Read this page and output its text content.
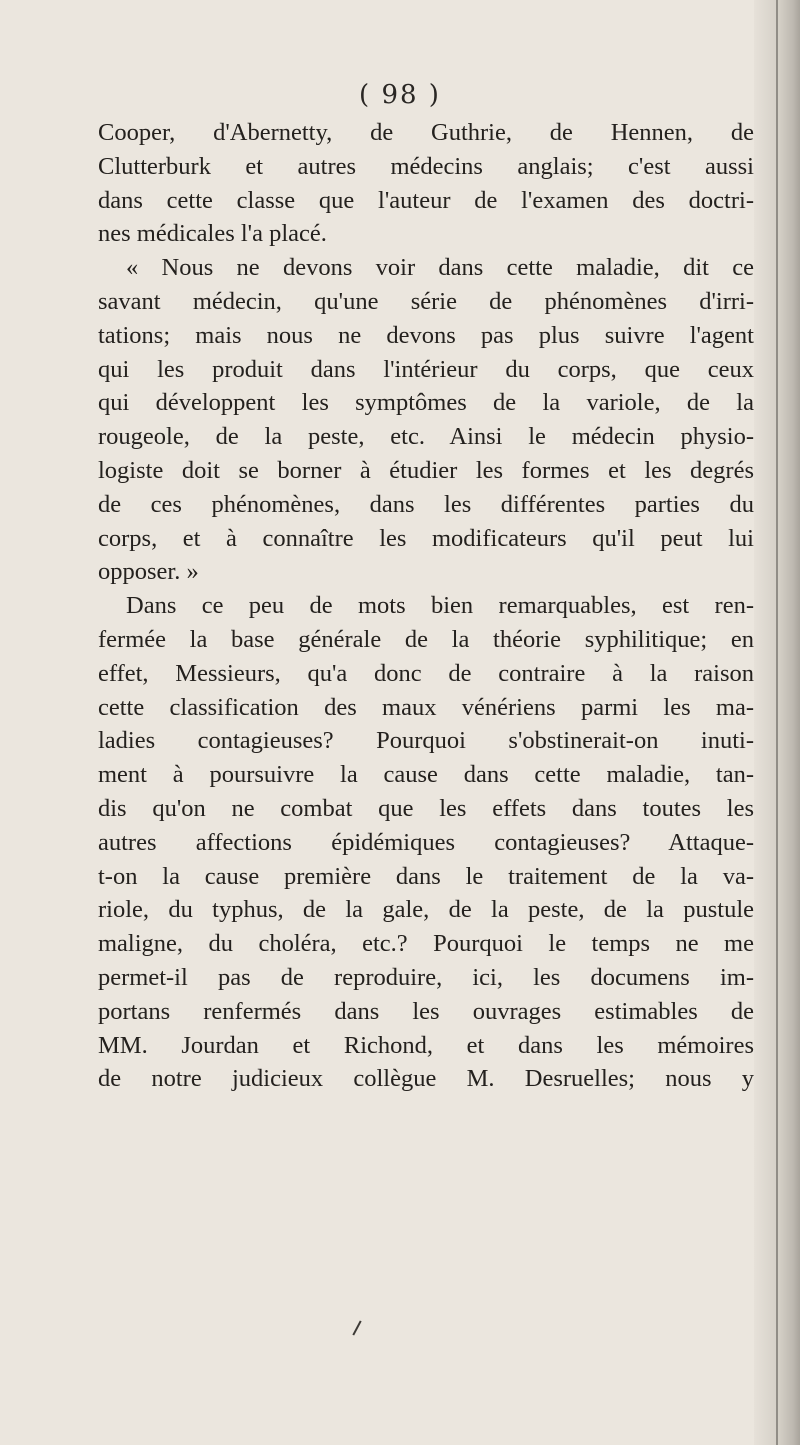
( 98 )
Cooper, d'Abernetty, de Guthrie, de Hennen, de
Clutterburk et autres médecins anglais; c'est aussi
dans cette classe que l'auteur de l'examen des doctri-
nes médicales l'a placé.
« Nous ne devons voir dans cette maladie, dit ce
savant médecin, qu'une série de phénomènes d'irri-
tations; mais nous ne devons pas plus suivre l'agent
qui les produit dans l'intérieur du corps, que ceux
qui développent les symptômes de la variole, de la
rougeole, de la peste, etc. Ainsi le médecin physio-
logiste doit se borner à étudier les formes et les degrés
de ces phénomènes, dans les différentes parties du
corps, et à connaître les modificateurs qu'il peut lui
opposer. »
Dans ce peu de mots bien remarquables, est ren-
fermée la base générale de la théorie syphilitique; en
effet, Messieurs, qu'a donc de contraire à la raison
cette classification des maux vénériens parmi les ma-
ladies contagieuses? Pourquoi s'obstinerait-on inuti-
ment à poursuivre la cause dans cette maladie, tan-
dis qu'on ne combat que les effets dans toutes les
autres affections épidémiques contagieuses? Attaque-
t-on la cause première dans le traitement de la va-
riole, du typhus, de la gale, de la peste, de la pustule
maligne, du choléra, etc.? Pourquoi le temps ne me
permet-il pas de reproduire, ici, les documens im-
portans renfermés dans les ouvrages estimables de
MM. Jourdan et Richond, et dans les mémoires
de notre judicieux collègue M. Desruelles; nous y
